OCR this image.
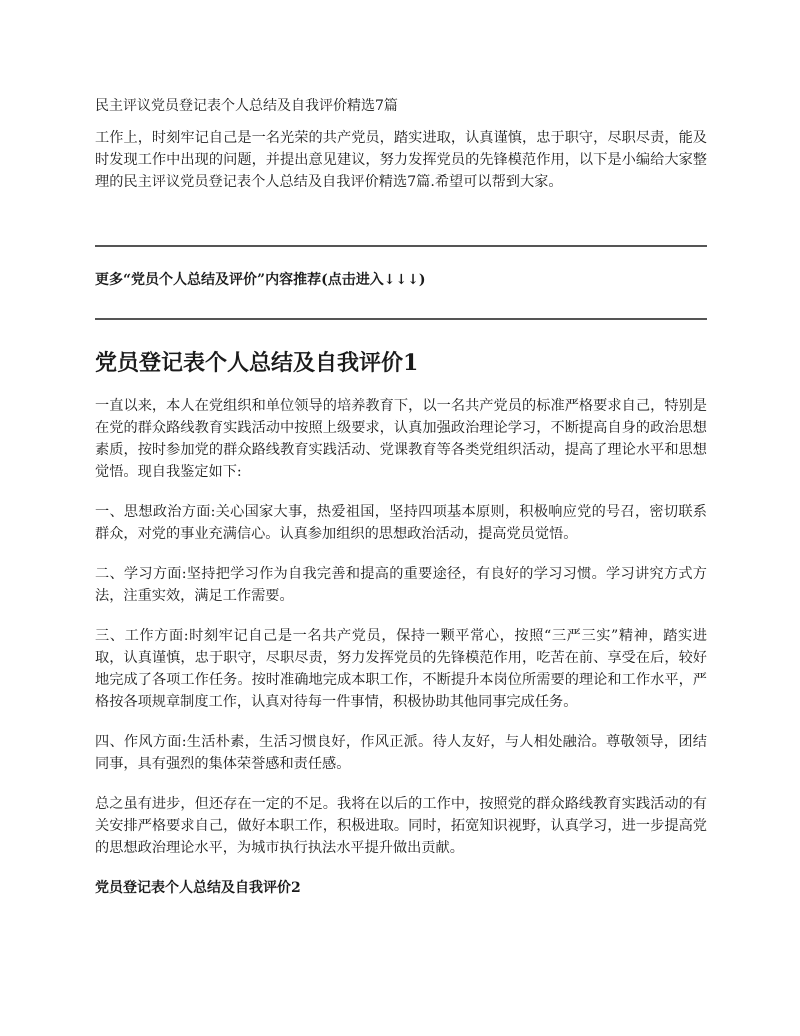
民主评议党员登记表个人总结及自我评价精选7篇

工作上，时刻牢记自己是一名光荣的共产党员，踏实进取，认真谨慎，忠于职守，尽职尽责，能及时发现工作中出现的问题，并提出意见建议，努力发挥党员的先锋模范作用，以下是小编给大家整理的民主评议党员登记表个人总结及自我评价精选7篇.希望可以帮到大家。

更多“党员个人总结及评价”内容推荐(点击进入↓↓↓)
党员登记表个人总结及自我评价1

一直以来，本人在党组织和单位领导的培养教育下，以一名共产党员的标准严格要求自己，特别是在党的群众路线教育实践活动中按照上级要求，认真加强政治理论学习，不断提高自身的政治思想素质，按时参加党的群众路线教育实践活动、党课教育等各类党组织活动，提高了理论水平和思想觉悟。现自我鉴定如下:

一、思想政治方面:关心国家大事，热爱祖国，坚持四项基本原则，积极响应党的号召，密切联系群众，对党的事业充满信心。认真参加组织的思想政治活动，提高党员觉悟。

二、学习方面:坚持把学习作为自我完善和提高的重要途径，有良好的学习习惯。学习讲究方式方法，注重实效，满足工作需要。

三、工作方面:时刻牢记自己是一名共产党员，保持一颗平常心，按照“三严三实”精神，踏实进取，认真谨慎，忠于职守，尽职尽责，努力发挥党员的先锋模范作用，吃苦在前、享受在后，较好地完成了各项工作任务。按时准确地完成本职工作，不断提升本岗位所需要的理论和工作水平，严格按各项规章制度工作，认真对待每一件事情，积极协助其他同事完成任务。

四、作风方面:生活朴素，生活习惯良好，作风正派。待人友好，与人相处融洽。尊敬领导，团结同事，具有强烈的集体荣誉感和责任感。

总之虽有进步，但还存在一定的不足。我将在以后的工作中，按照党的群众路线教育实践活动的有关安排严格要求自己，做好本职工作，积极进取。同时，拓宽知识视野，认真学习，进一步提高党的思想政治理论水平，为城市执行执法水平提升做出贡献。

党员登记表个人总结及自我评价2
